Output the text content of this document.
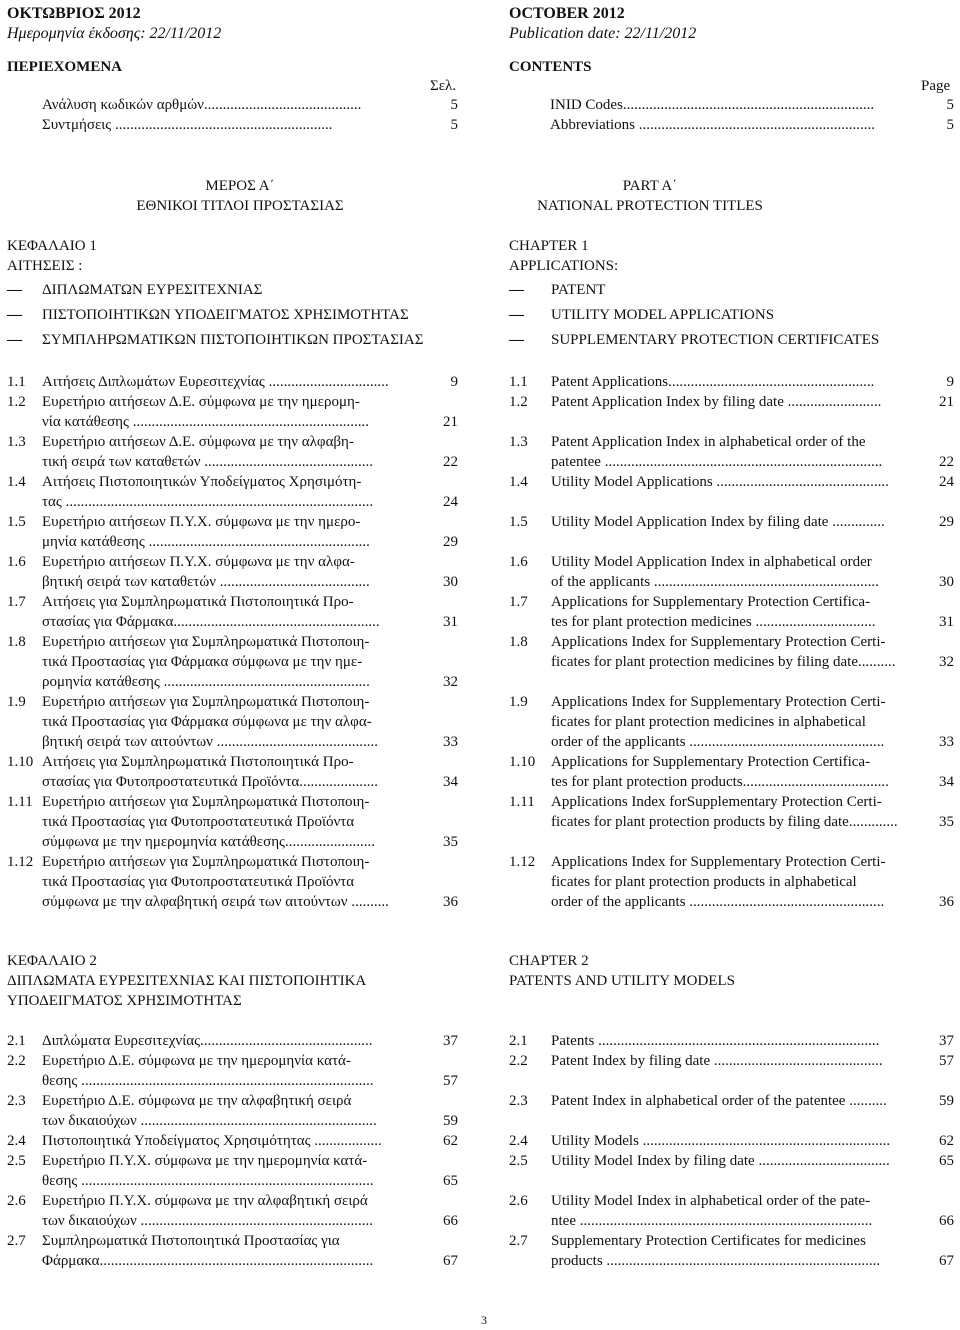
ΟΚΤΩΒΡΙΟΣ 2012
Ημερομηνία έκδοσης: 22/11/2012
OCTOBER 2012
Publication date: 22/11/2012
ΠΕΡΙΕΧΟΜΕΝΑ
Σελ.
Ανάλυση κωδικών αρθμών..........................................	5
Συντμήσεις ..........................................................	5
CONTENTS
Page
INID Codes...................................................................	5
Abbreviations ...............................................................	5
ΜΕΡΟΣ Α΄
ΕΘΝΙΚΟΙ ΤΙΤΛΟΙ ΠΡΟΣΤΑΣΙΑΣ
PART A΄
NATIONAL PROTECTION TITLES
ΚΕΦΑΛΑΙΟ 1
ΑΙΤΗΣΕΙΣ :
— ΔΙΠΛΩΜΑΤΩΝ ΕΥΡΕΣΙΤΕΧΝΙΑΣ
— ΠΙΣΤΟΠΟΙΗΤΙΚΩΝ ΥΠΟΔΕΙΓΜΑΤΟΣ ΧΡΗΣΙΜΟΤΗΤΑΣ
— ΣΥΜΠΛΗΡΩΜΑΤΙΚΩΝ ΠΙΣΤΟΠΟΙΗΤΙΚΩΝ ΠΡΟΣΤΑΣΙΑΣ
CHAPTER 1
APPLICATIONS:
— PATENT
— UTILITY MODEL APPLICATIONS
— SUPPLEMENTARY PROTECTION CERTIFICATES
1.1 Αιτήσεις Διπλωμάτων Ευρεσιτεχνίας ................................	9
1.2 Ευρετήριο αιτήσεων Δ.Ε. σύμφωνα με την ημερομη-
νία κατάθεσης ...............................................................	21
1.3 Ευρετήριο αιτήσεων Δ.Ε. σύμφωνα με την αλφαβη-
τική σειρά των καταθετών .............................................	22
1.4 Αιτήσεις Πιστοποιητικών Υποδείγματος Χρησιμότη-
τας ..................................................................................	24
1.5 Ευρετήριο αιτήσεων Π.Υ.Χ. σύμφωνα με την ημερο-
μηνία κατάθεσης ...........................................................	29
1.6 Ευρετήριο αιτήσεων Π.Υ.Χ. σύμφωνα με την αλφα-
βητική σειρά των καταθετών ........................................	30
1.7 Αιτήσεις για Συμπληρωματικά Πιστοποιητικά Προ-
στασίας για Φάρμακα.......................................................	31
1.8 Ευρετήριο αιτήσεων για Συμπληρωματικά Πιστοποιη-
τικά Προστασίας για Φάρμακα σύμφωνα με την ημε-
ρομηνία κατάθεσης .......................................................	32
1.9 Ευρετήριο αιτήσεων για Συμπληρωματικά Πιστοποιη-
τικά Προστασίας για Φάρμακα σύμφωνα με την αλφα-
βητική σειρά των αιτούντων ...........................................	33
1.10 Αιτήσεις για Συμπληρωματικά Πιστοποιητικά Προ-
στασίας για Φυτοπροστατευτικά Προϊόντα.....................	34
1.11 Ευρετήριο αιτήσεων για Συμπληρωματικά Πιστοποιη-
τικά Προστασίας για Φυτοπροστατευτικά Προϊόντα
σύμφωνα με την ημερομηνία κατάθεσης........................	35
1.12 Ευρετήριο αιτήσεων για Συμπληρωματικά Πιστοποιη-
τικά Προστασίας για Φυτοπροστατευτικά Προϊόντα
σύμφωνα με την αλφαβητική σειρά των αιτούντων ..........	36
1.1 Patent Applications.......................................................	9
1.2 Patent Application Index by filing date .........................	21
1.3 Patent Application Index in alphabetical order of the
patentee ..........................................................................	22
1.4 Utility Model Applications ..............................................	24
1.5 Utility Model Application Index by filing date ..............	29
1.6 Utility Model Application Index in alphabetical order
of the applicants ............................................................	30
1.7 Applications for Supplementary Protection Certifica-
tes for plant protection medicines ................................	31
1.8 Applications Index for Supplementary Protection Certi-
ficates for plant protection medicines by filing date..........	32
1.9 Applications Index for Supplementary Protection Certi-
ficates for plant protection medicines in alphabetical
order of the applicants ....................................................	33
1.10 Applications for Supplementary Protection Certifica-
tes for plant protection products.......................................	34
1.11 Applications Index forSupplementary Protection Certi-
ficates for plant protection products by filing date.............	35
1.12 Applications Index for Supplementary Protection Certi-
ficates for plant protection products in alphabetical
order of the applicants ....................................................	36
ΚΕΦΑΛΑΙΟ 2
ΔΙΠΛΩΜΑΤΑ ΕΥΡΕΣΙΤΕΧΝΙΑΣ ΚΑΙ ΠΙΣΤΟΠΟΙΗΤΙΚΑ
ΥΠΟΔΕΙΓΜΑΤΟΣ ΧΡΗΣΙΜΟΤΗΤΑΣ
CHAPTER 2
PATENTS AND UTILITY MODELS
2.1 Διπλώματα Ευρεσιτεχνίας..............................................	37
2.2 Ευρετήριο Δ.Ε. σύμφωνα με την ημερομηνία κατά-
θεσης ..............................................................................	57
2.3 Ευρετήριο Δ.Ε. σύμφωνα με την αλφαβητική σειρά
των δικαιούχων ...............................................................	59
2.4 Πιστοποιητικά Υποδείγματος Χρησιμότητας ..................	62
2.5 Ευρετήριο Π.Υ.Χ. σύμφωνα με την ημερομηνία κατά-
θεσης ..............................................................................	65
2.6 Ευρετήριο Π.Υ.Χ. σύμφωνα με την αλφαβητική σειρά
των δικαιούχων ..............................................................	66
2.7 Συμπληρωματικά Πιστοποιητικά Προστασίας για
Φάρμακα.........................................................................	67
2.1 Patents ...........................................................................	37
2.2 Patent Index by filing date .............................................	57
2.3 Patent Index in alphabetical order of the patentee ..........	59
2.4 Utility Models ..................................................................	62
2.5 Utility Model Index by filing date ...................................	65
2.6 Utility Model Index in alphabetical order of the pate-
ntee ..............................................................................	66
2.7 Supplementary Protection Certificates for medicines
products .........................................................................	67
3
